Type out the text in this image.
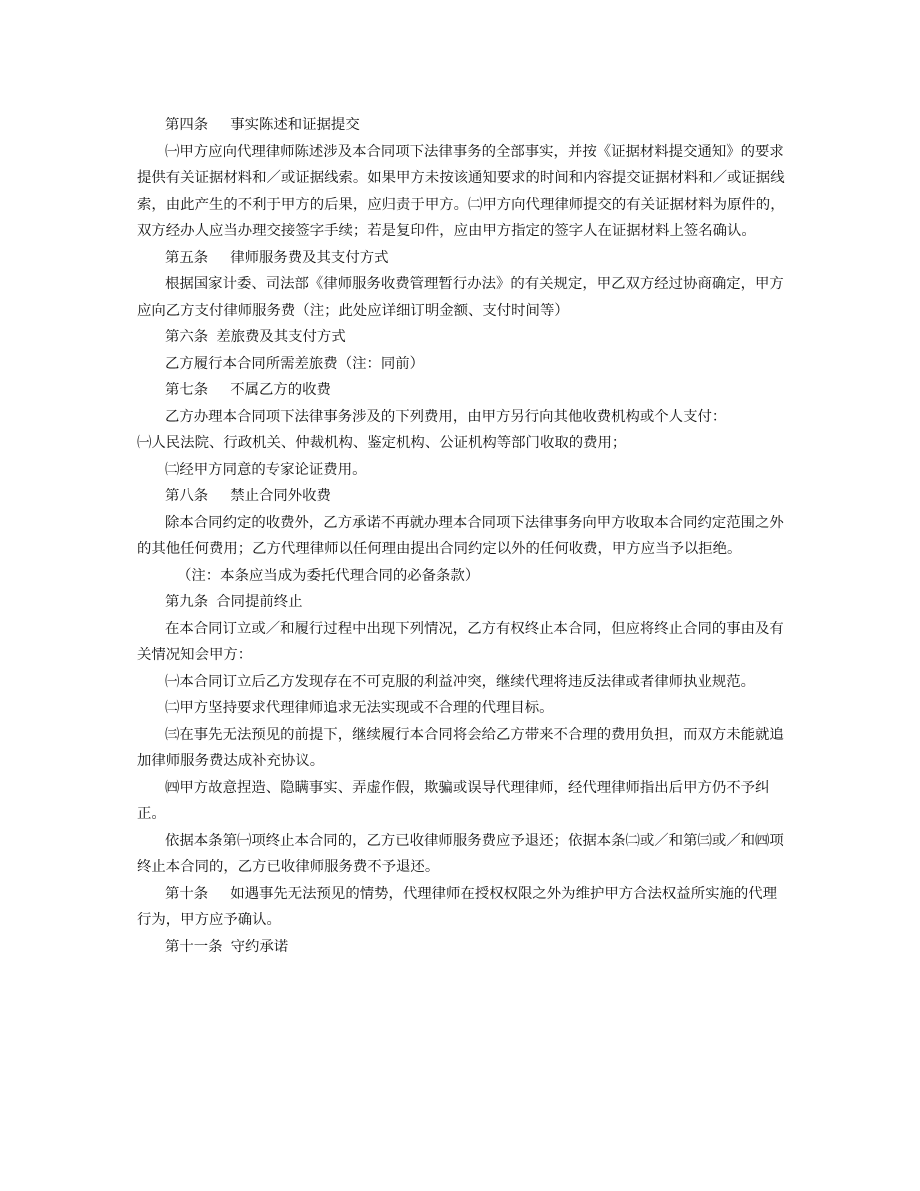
第四条 事实陈述和证据提交

㈠甲方应向代理律师陈述涉及本合同项下法律事务的全部事实，并按《证据材料提交通知》的要求提供有关证据材料和／或证据线索。如果甲方未按该通知要求的时间和内容提交证据材料和／或证据线索，由此产生的不利于甲方的后果，应归责于甲方。㈡甲方向代理律师提交的有关证据材料为原件的，双方经办人应当办理交接签字手续；若是复印件，应由甲方指定的签字人在证据材料上签名确认。

第五条 律师服务费及其支付方式

根据国家计委、司法部《律师服务收费管理暂行办法》的有关规定，甲乙双方经过协商确定，甲方应向乙方支付律师服务费（注；此处应详细订明金额、支付时间等）

第六条 差旅费及其支付方式

乙方履行本合同所需差旅费（注：同前）

第七条 不属乙方的收费

乙方办理本合同项下法律事务涉及的下列费用，由甲方另行向其他收费机构或个人支付：

㈠人民法院、行政机关、仲裁机构、鉴定机构、公证机构等部门收取的费用；

㈡经甲方同意的专家论证费用。

第八条 禁止合同外收费

除本合同约定的收费外，乙方承诺不再就办理本合同项下法律事务向甲方收取本合同约定范围之外的其他任何费用；乙方代理律师以任何理由提出合同约定以外的任何收费，甲方应当予以拒绝。

（注：本条应当成为委托代理合同的必备条款）

第九条 合同提前终止

在本合同订立或／和履行过程中出现下列情况，乙方有权终止本合同，但应将终止合同的事由及有关情况知会甲方：

㈠本合同订立后乙方发现存在不可克服的利益冲突，继续代理将违反法律或者律师执业规范。

㈡甲方坚持要求代理律师追求无法实现或不合理的代理目标。

㈢在事先无法预见的前提下，继续履行本合同将会给乙方带来不合理的费用负担，而双方未能就追加律师服务费达成补充协议。

㈣甲方故意捏造、隐瞒事实、弄虚作假，欺骗或误导代理律师，经代理律师指出后甲方仍不予纠正。

依据本条第㈠项终止本合同的，乙方已收律师服务费应予退还；依据本条㈡或／和第㈢或／和㈣项终止本合同的，乙方已收律师服务费不予退还。

第十条 如遇事先无法预见的情势，代理律师在授权权限之外为维护甲方合法权益所实施的代理行为，甲方应予确认。

第十一条 守约承诺
